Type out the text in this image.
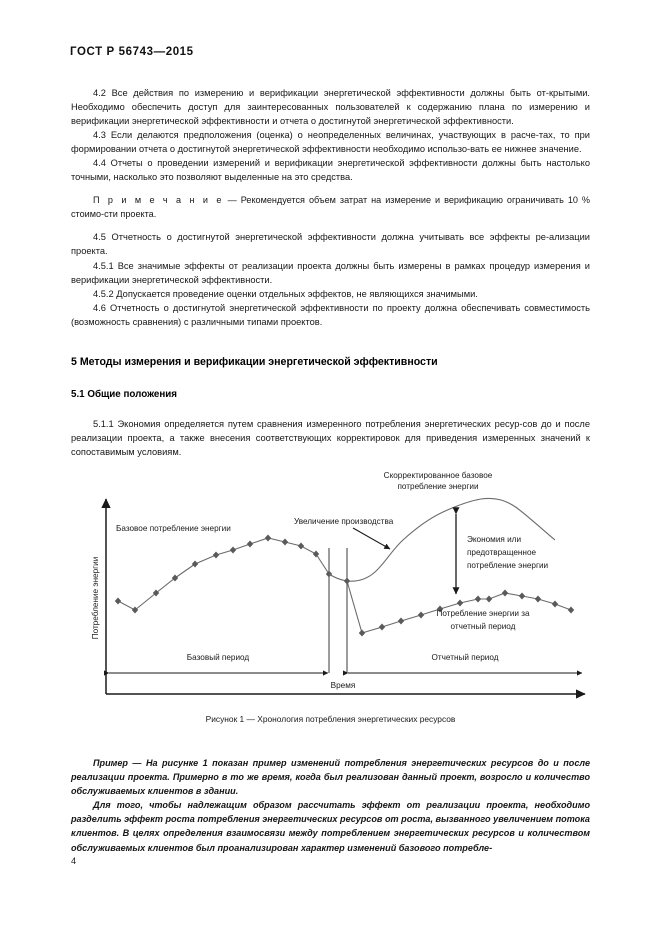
ГОСТ Р 56743—2015

4.2 Все действия по измерению и верификации энергетической эффективности должны быть от-крытыми. Необходимо обеспечить доступ для заинтересованных пользователей к содержанию плана по измерению и верификации энергетической эффективности и отчета о достигнутой энергетической эффективности.

4.3 Если делаются предположения (оценка) о неопределенных величинах, участвующих в расче-тах, то при формировании отчета о достигнутой энергетической эффективности необходимо использо-вать ее нижнее значение.

4.4 Отчеты о проведении измерений и верификации энергетической эффективности должны быть настолько точными, насколько это позволяют выделенные на это средства.

П р и м е ч а н и е — Рекомендуется объем затрат на измерение и верификацию ограничивать 10 % стоимо-сти проекта.

4.5 Отчетность о достигнутой энергетической эффективности должна учитывать все эффекты ре-ализации проекта.

4.5.1 Все значимые эффекты от реализации проекта должны быть измерены в рамках процедур измерения и верификации энергетической эффективности.

4.5.2 Допускается проведение оценки отдельных эффектов, не являющихся значимыми.

4.6 Отчетность о достигнутой энергетической эффективности по проекту должна обеспечивать совместимость (возможность сравнения) с различными типами проектов.

5 Методы измерения и верификации энергетической эффективности
5.1 Общие положения

5.1.1 Экономия определяется путем сравнения измеренного потребления энергетических ресур-сов до и после реализации проекта, а также внесения соответствующих корректировок для приведения измеренных значений к сопоставимым условиям.

Базовое потребление энергии
Увеличение производства
Скорректированное базовое
потребление энергии
Экономия или
предотвращенное
потребление энергии
Потребление энергии за
отчетный период
Базовый период	Отчетный период
Время
Потребление энергии
Рисунок 1 — Хронология потребления энергетических ресурсов

Пример — На рисунке 1 показан пример изменений потребления энергетических ресурсов до и после реализации проекта. Примерно в то же время, когда был реализован данный проект, возросло и количество обслуживаемых клиентов в здании.

Для того, чтобы надлежащим образом рассчитать эффект от реализации проекта, необходимо разделить эффект роста потребления энергетических ресурсов от роста, вызванного увеличением потока клиентов. В целях определения взаимосвязи между потреблением энергетических ресурсов и количеством обслуживаемых клиентов был проанализирован характер изменений базового потребле-

4
